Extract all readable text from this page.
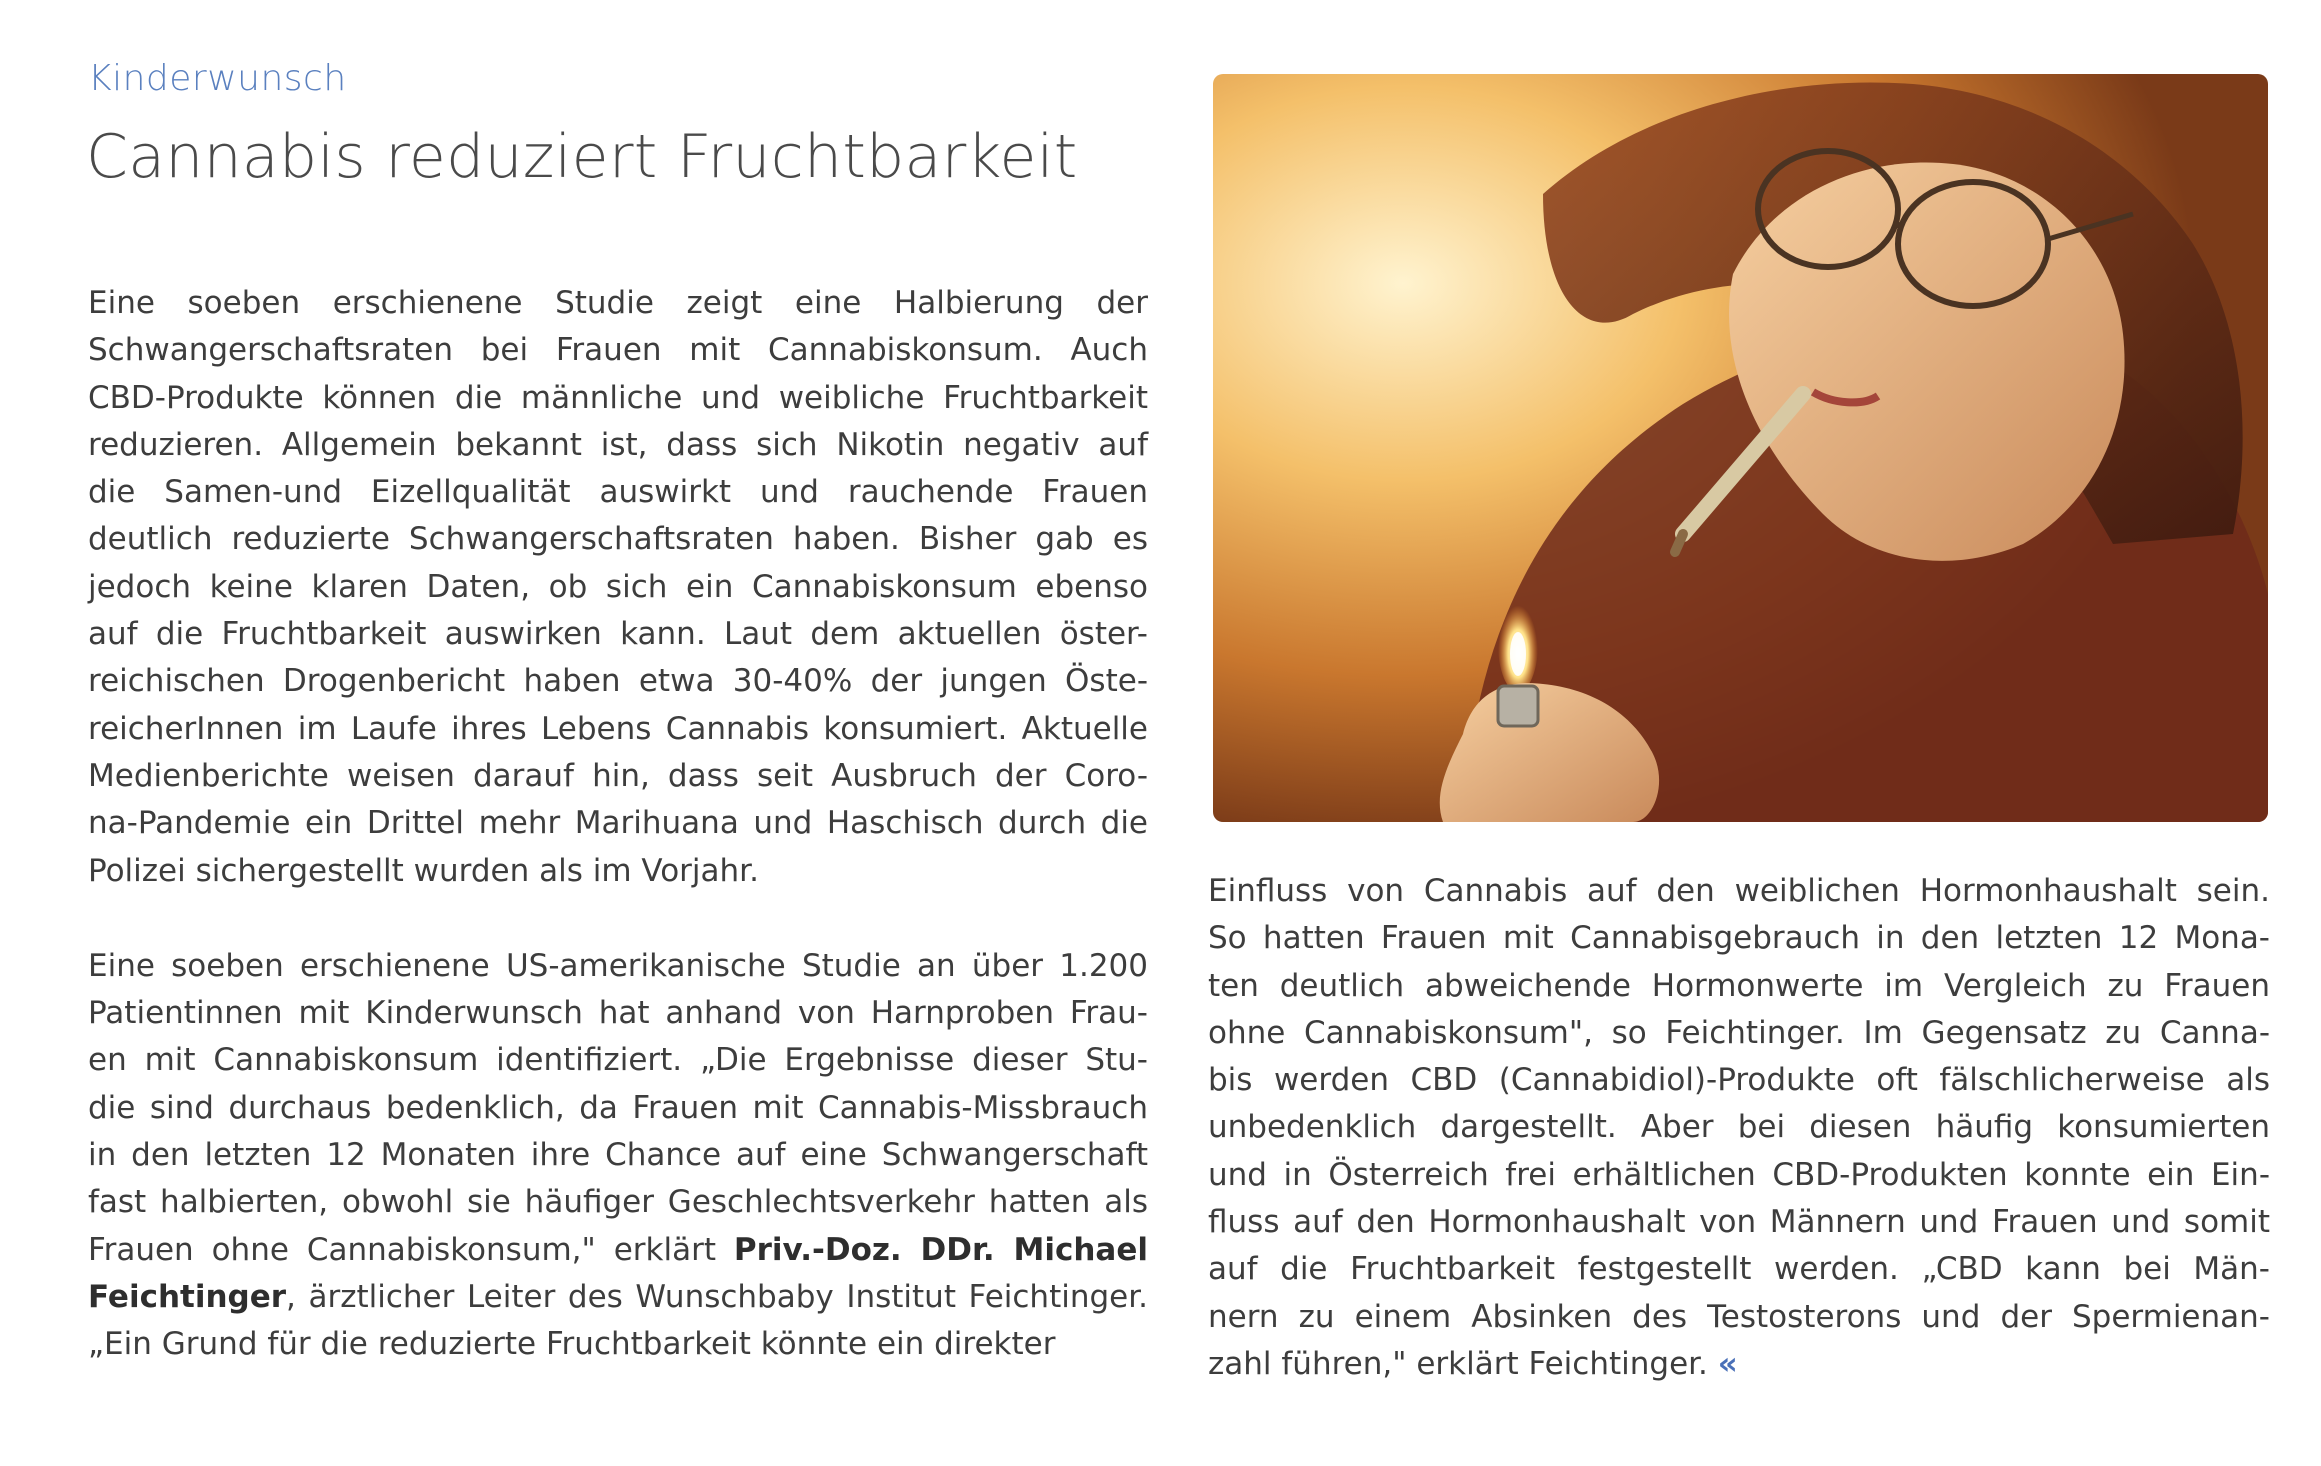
Kinderwunsch
Cannabis reduziert Fruchtbarkeit

Eine soeben erschienene Studie zeigt eine Halbierung der
Schwangerschaftsraten bei Frauen mit Cannabiskonsum. Auch
CBD-Produkte können die männliche und weibliche Fruchtbarkeit
reduzieren. Allgemein bekannt ist, dass sich Nikotin negativ auf
die Samen-und Eizellqualität auswirkt und rauchende Frauen
deutlich reduzierte Schwangerschaftsraten haben. Bisher gab es
jedoch keine klaren Daten, ob sich ein Cannabiskonsum ebenso
auf die Fruchtbarkeit auswirken kann. Laut dem aktuellen öster-
reichischen Drogenbericht haben etwa 30-40% der jungen Öste-
reicherInnen im Laufe ihres Lebens Cannabis konsumiert. Aktuelle
Medienberichte weisen darauf hin, dass seit Ausbruch der Coro-
na-Pandemie ein Drittel mehr Marihuana und Haschisch durch die
Polizei sichergestellt wurden als im Vorjahr.

Eine soeben erschienene US-amerikanische Studie an über 1.200
Patientinnen mit Kinderwunsch hat anhand von Harnproben Frau-
en mit Cannabiskonsum identifiziert. „Die Ergebnisse dieser Stu-
die sind durchaus bedenklich, da Frauen mit Cannabis-Missbrauch
in den letzten 12 Monaten ihre Chance auf eine Schwangerschaft
fast halbierten, obwohl sie häufiger Geschlechtsverkehr hatten als
Frauen ohne Cannabiskonsum," erklärt Priv.-Doz. DDr. Michael
Feichtinger, ärztlicher Leiter des Wunschbaby Institut Feichtinger.
„Ein Grund für die reduzierte Fruchtbarkeit könnte ein direkter

Einfluss von Cannabis auf den weiblichen Hormonhaushalt sein.
So hatten Frauen mit Cannabisgebrauch in den letzten 12 Mona-
ten deutlich abweichende Hormonwerte im Vergleich zu Frauen
ohne Cannabiskonsum", so Feichtinger. Im Gegensatz zu Canna-
bis werden CBD (Cannabidiol)-Produkte oft fälschlicherweise als
unbedenklich dargestellt. Aber bei diesen häufig konsumierten
und in Österreich frei erhältlichen CBD-Produkten konnte ein Ein-
fluss auf den Hormonhaushalt von Männern und Frauen und somit
auf die Fruchtbarkeit festgestellt werden. „CBD kann bei Män-
nern zu einem Absinken des Testosterons und der Spermienan-
zahl führen," erklärt Feichtinger. «
